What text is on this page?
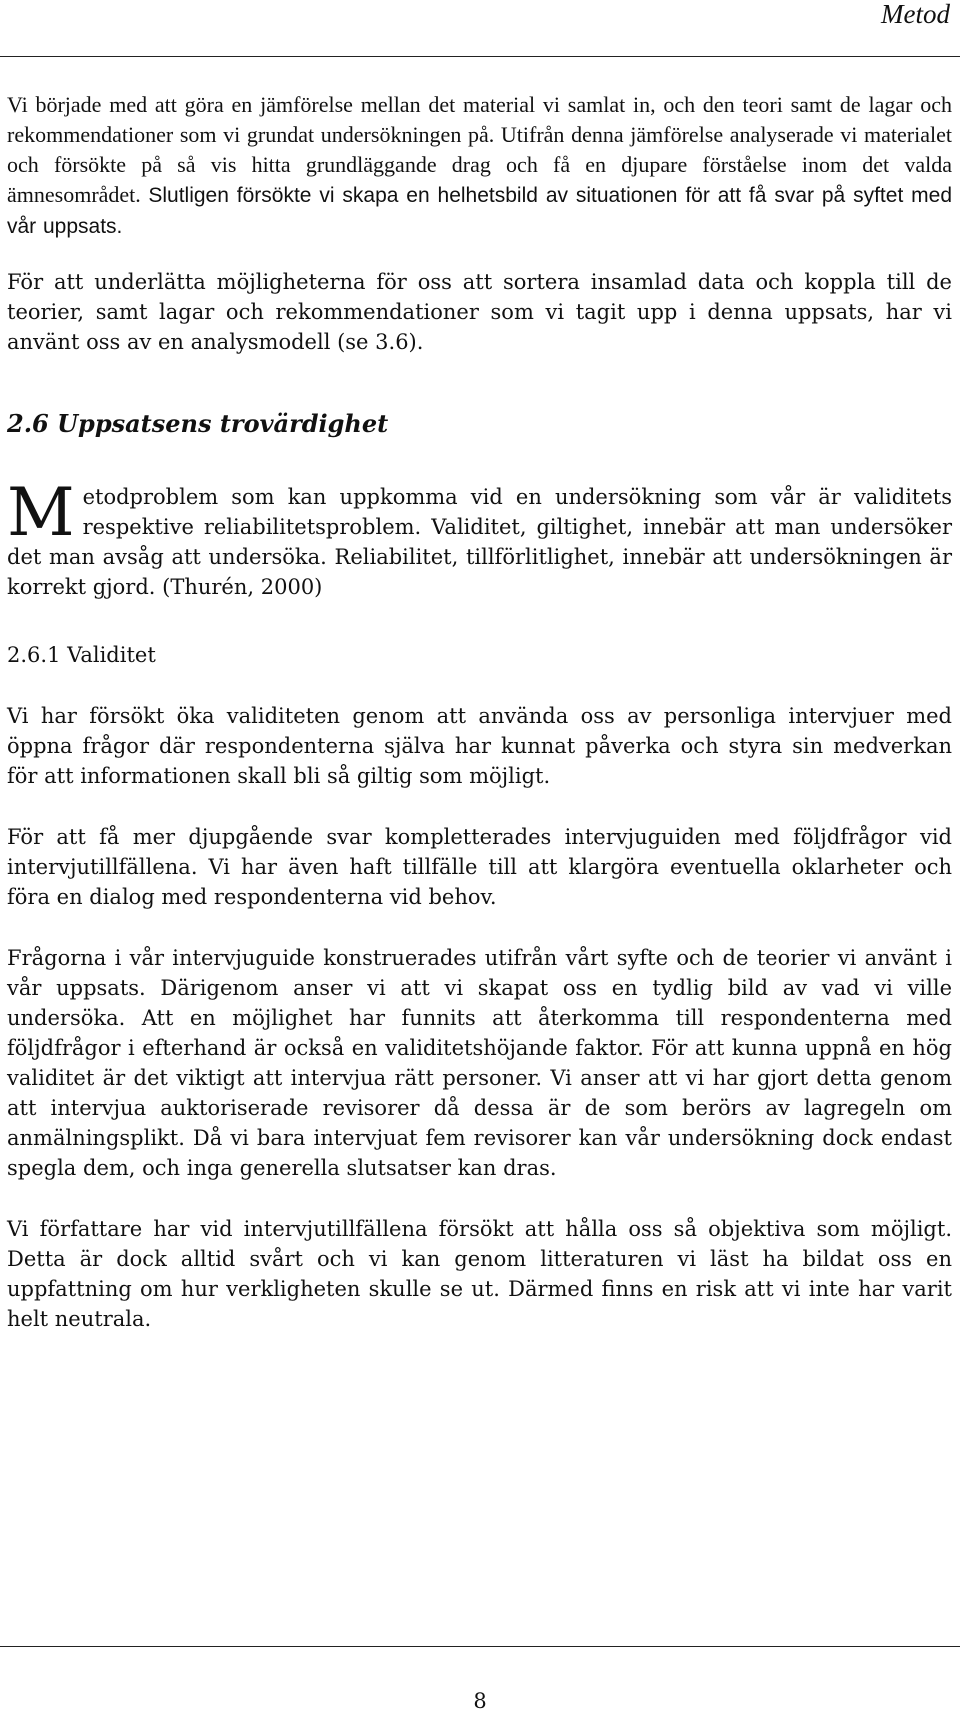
Metod

Vi började med att göra en jämförelse mellan det material vi samlat in, och den teori samt de lagar och rekommendationer som vi grundat undersökningen på. Utifrån denna jämförelse analyserade vi materialet och försökte på så vis hitta grundläggande drag och få en djupare förståelse inom det valda ämnesområdet. Slutligen försökte vi skapa en helhetsbild av situationen för att få svar på syftet med vår uppsats.

För att underlätta möjligheterna för oss att sortera insamlad data och koppla till de teorier, samt lagar och rekommendationer som vi tagit upp i denna uppsats, har vi använt oss av en analysmodell (se 3.6).

2.6 Uppsatsens trovärdighet

M etodproblem som kan uppkomma vid en undersökning som vår är validitets respektive reliabilitetsproblem. Validitet, giltighet, innebär att man undersöker det man avsåg att undersöka. Reliabilitet, tillförlitlighet, innebär att undersökningen är korrekt gjord. (Thurén, 2000)

2.6.1 Validitet

Vi har försökt öka validiteten genom att använda oss av personliga intervjuer med öppna frågor där respondenterna själva har kunnat påverka och styra sin medverkan för att informationen skall bli så giltig som möjligt.

För att få mer djupgående svar kompletterades intervjuguiden med följdfrågor vid intervjutillfällena. Vi har även haft tillfälle till att klargöra eventuella oklarheter och föra en dialog med respondenterna vid behov.

Frågorna i vår intervjuguide konstruerades utifrån vårt syfte och de teorier vi använt i vår uppsats. Därigenom anser vi att vi skapat oss en tydlig bild av vad vi ville undersöka. Att en möjlighet har funnits att återkomma till respondenterna med följdfrågor i efterhand är också en validitetshöjande faktor. För att kunna uppnå en hög validitet är det viktigt att intervjua rätt personer. Vi anser att vi har gjort detta genom att intervjua auktoriserade revisorer då dessa är de som berörs av lagregeln om anmälningsplikt. Då vi bara intervjuat fem revisorer kan vår undersökning dock endast spegla dem, och inga generella slutsatser kan dras.

Vi författare har vid intervjutillfällena försökt att hålla oss så objektiva som möjligt. Detta är dock alltid svårt och vi kan genom litteraturen vi läst ha bildat oss en uppfattning om hur verkligheten skulle se ut. Därmed finns en risk att vi inte har varit helt neutrala.

8
